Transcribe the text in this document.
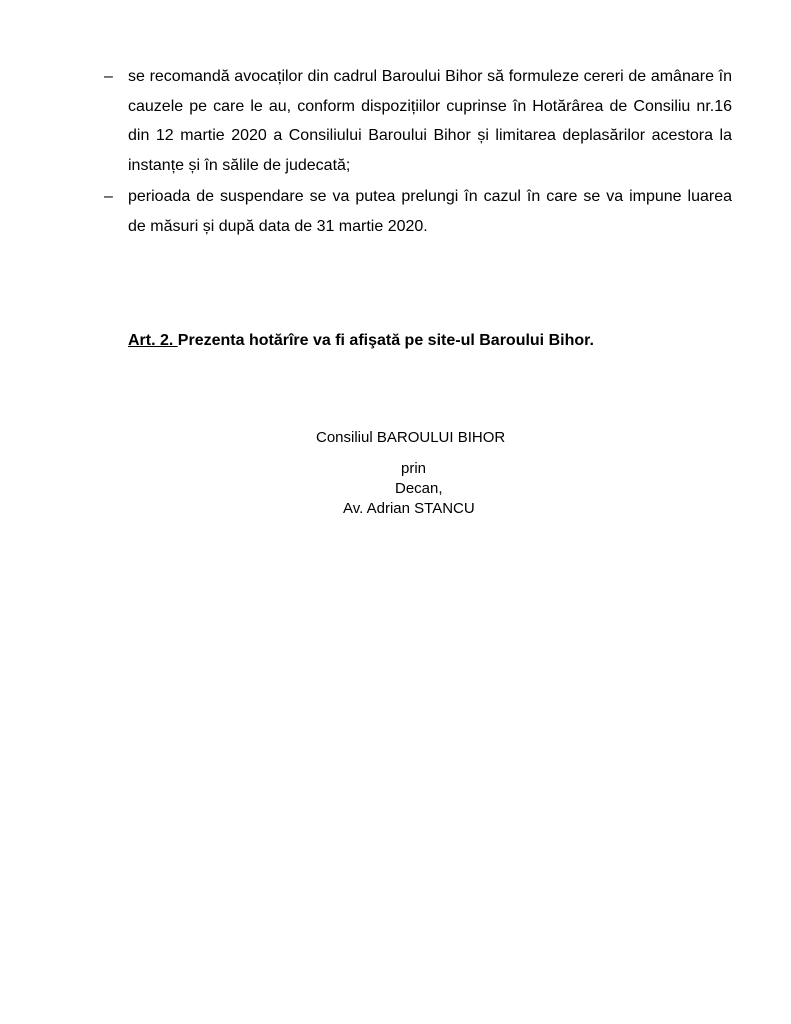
– se recomandă avocaților din cadrul Baroului Bihor să formuleze cereri de amânare în cauzele pe care le au, conform dispozițiilor cuprinse în Hotărârea de Consiliu nr.16 din 12 martie 2020 a Consiliului Baroului Bihor și limitarea deplasărilor acestora la instanțe și în sălile de judecată;
– perioada de suspendare se va putea prelungi în cazul în care se va impune luarea de măsuri și după data de 31 martie 2020.
Art. 2. Prezenta hotărîre va fi afişată pe site-ul Baroului Bihor.
Consiliul BAROULUI BIHOR
prin
Decan,
Av. Adrian STANCU
